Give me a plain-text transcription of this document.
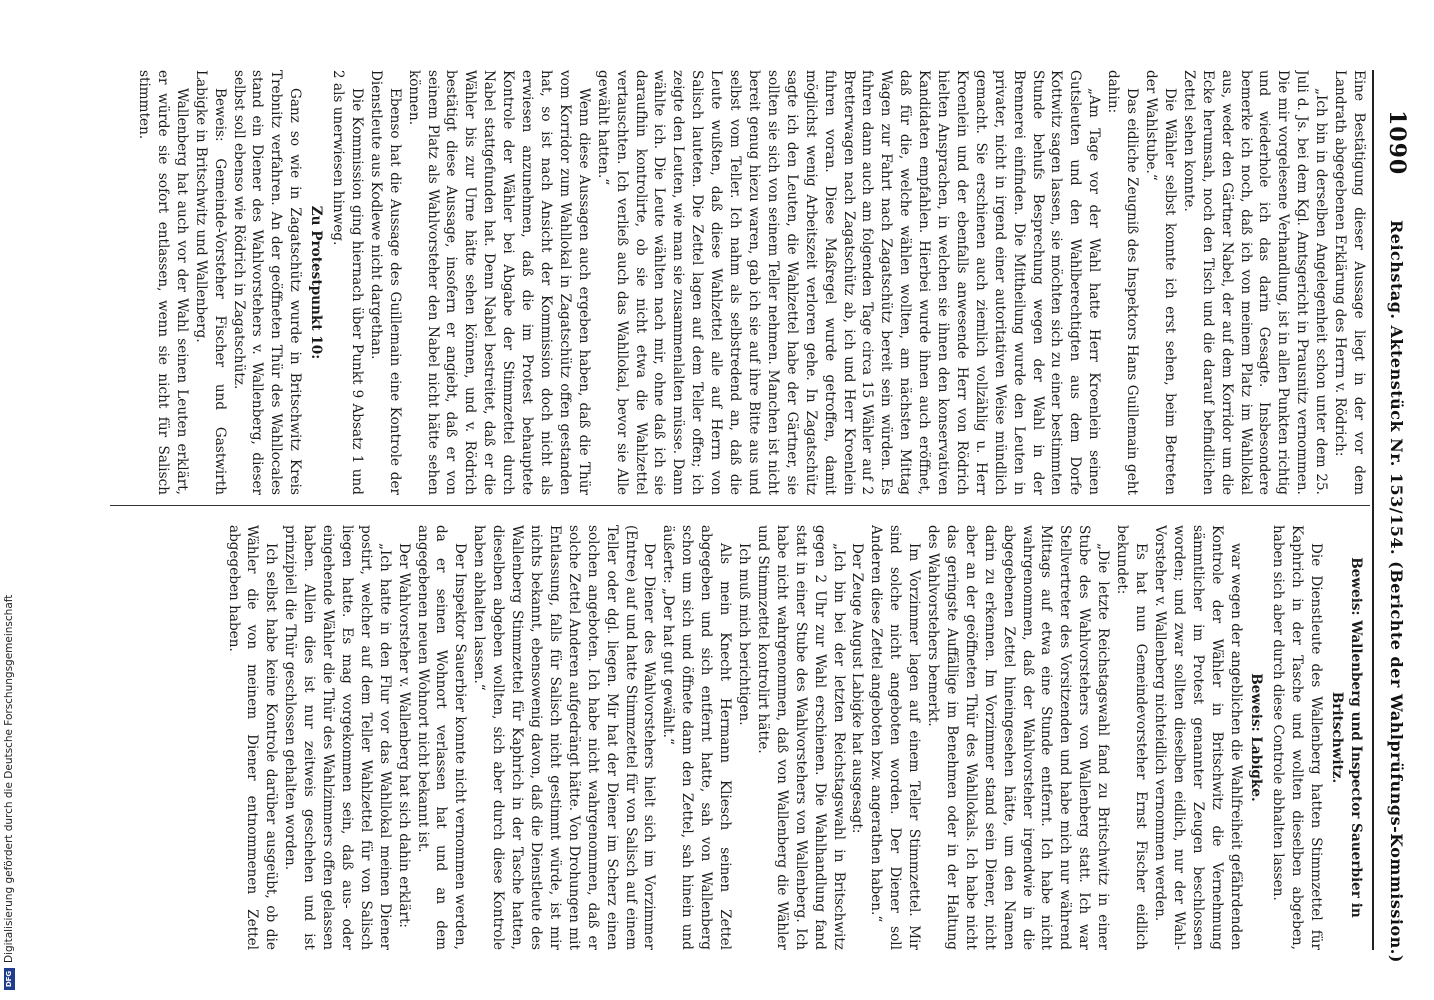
DFG
Digitalisierung gefördert durch die Deutsche Forschungsgemeinschaft
1090
Reichstag. Aktenstück Nr. 153/154. (Berichte der Wahlprüfungs-Kommission.)

Eine Bestätigung dieser Aussage liegt in der vor dem Landrath abgegebenen Erklärung des Herrn v. Rödrich:

„Ich bin in derselben Angelegenheit schon unter dem 25. Juli d. Js. bei dem Kgl. Amtsgericht in Prausnitz vernommen. Die mir vorgelesene Verhandlung, ist in allen Punkten richtig und wiederhole ich das darin Gesagte. Insbesondere bemerke ich noch, daß ich von meinem Platz im Wahllokal aus, weder den Gärtner Nabel, der auf dem Korridor um die Ecke herumsah, noch den Tisch und die darauf befindlichen Zettel sehen konnte.

Die Wähler selbst konnte ich erst sehen, beim Betreten der Wahlstube.“

Das eidliche Zeugniß des Inspektors Hans Guillemain geht dahin:

„Am Tage vor der Wahl hatte Herr Kroenlein seinen Gutsleuten und den Wahlberechtigten aus dem Dorfe Kottwitz sagen lassen, sie möchten sich zu einer bestimmten Stunde behufs Besprechung wegen der Wahl in der Brennerei einfinden. Die Mittheilung wurde den Leuten in privater, nicht in irgend einer autoritativen Weise mündlich gemacht. Sie erschienen auch ziemlich vollzählig u. Herr Kroenlein und der ebenfalls anwesende Herr von Rödrich hielten Ansprachen, in welchen sie ihnen den konservativen Kandidaten empfahlen. Hierbei wurde ihnen auch eröffnet, daß für die, welche wählen wollten, am nächsten Mittag Wagen zur Fahrt nach Zagatschütz bereit sein würden. Es fuhren dann auch am folgenden Tage circa 15 Wähler auf 2 Bretterwagen nach Zagatschütz ab, ich und Herr Kroenlein fuhren voran. Diese Maßregel wurde getroffen, damit möglichst wenig Arbeitszeit verloren gehe. In Zagatschütz sagte ich den Leuten, die Wahlzettel habe der Gärtner, sie sollten sie sich von seinem Teller nehmen. Manchen ist nicht bereit genug hiezu waren, gab ich sie auf ihre Bitte aus und selbst vom Teller. Ich nahm als selbstredend an, daß die Leute wußten, daß diese Wahlzettel alle auf Herrn von Salisch lauteten. Die Zettel lagen auf dem Teller offen; ich zeigte den Leuten, wie man sie zusammenlalten müsse. Dann wählte ich. Die Leute wählten nach mir, ohne daß ich sie daraufhin kontrolirte, ob sie nicht etwa die Wahlzettel vertauschten. Ich verließ auch das Wahllokal, bevor sie Alle gewählt hatten.“

Wenn diese Aussagen auch ergeben haben, daß die Thür vom Korridor zum Wahllokal in Zagatschütz offen gestanden hat, so ist nach Ansicht der Kommission doch nicht als erwiesen anzunehmen, daß die im Protest behauptete Kontrole der Wähler bei Abgabe der Stimmzettel durch Nabel stattgefunden hat. Denn Nabel bestreitet, daß er die Wähler bis zur Urne hätte sehen können, und v. Rödrich bestätigt diese Aussage, insofern er angiebt, daß er von seinem Platz als Wahlvorsteher den Nabel nicht hätte sehen können.

Ebenso hat die Aussage des Guillemain eine Kontrole der Dienstleute aus Kodlewe nicht dargethan.

Die Kommission ging hiernach über Punkt 9 Absatz 1 und 2 als unerwiesen hinweg.

Zu Protestpunkt 10:

Ganz so wie in Zagatschütz wurde in Britschwitz Kreis Trebnitz verfahren. An der geöffneten Thür des Wahllocales stand ein Diener des Wahlvorstehers v. Wallenberg, dieser selbst soll ebenso wie Rödrich in Zagatschütz.

Beweis: Gemeinde-Vorsteher Fischer und Gastwirth Labigke in Britschwitz und Wallenberg.

Wallenberg hat auch vor der Wahl seinen Leuten erklärt, er würde sie sofort entlassen, wenn sie nicht für Salisch stimmten.

Beweis: Wallenberg und Inspector Sauerbier in Britschwitz.

Die Dienstleute des Wallenberg hatten Stimmzettel für Kaphrich in der Tasche und wollten dieselben abgeben, haben sich aber durch diese Controle abhalten lassen.

Beweis: Labigke.

war wegen der angeblichen die Wahlfreiheit gefährdenden Kontrole der Wähler in Britschwitz die Vernehmung sämmtlicher im Protest genannter Zeugen beschlossen worden; und zwar sollten dieselben eidlich, nur der Wahl-Vorsteher v. Wallenberg nichteidlich vernommen werden.

Es hat nun Gemeindevorsteher Ernst Fischer eidlich bekundet:

„Die letzte Reichstagswahl fand zu Britschwitz in einer Stube des Wahlvorstehers von Wallenberg statt. Ich war Stellvertreter des Vorsitzenden und habe mich nur während Mittags auf etwa eine Stunde entfernt. Ich habe nicht wahrgenommen, daß der Wahlvorsteher irgendwie in die abgegebenen Zettel hineingesehen hätte, um den Namen darin zu erkennen. Im Vorzimmer stand sein Diener, nicht aber an der geöffneten Thür des Wahllokals. Ich habe nicht das geringste Auffällige im Benehmen oder in der Haltung des Wahlvorstehers bemerkt.

Im Vorzimmer lagen auf einem Teller Stimmzettel. Mir sind solche nicht angeboten worden. Der Diener soll Anderen diese Zettel angeboten bzw. angerathen haben.“

Der Zeuge August Labigke hat ausgesagt:

„Ich bin bei der letzten Reichstagswahl in Britschwitz gegen 2 Uhr zur Wahl erschienen. Die Wahlhandlung fand statt in einer Stube des Wahlvorstehers von Wallenberg. Ich habe nicht wahrgenommen, daß von Wallenberg die Wähler und Stimmzettel kontrolirt hätte.

Ich muß mich berichtigen.

Als mein Knecht Hermann Kliesch seinen Zettel abgegeben und sich entfernt hatte, sah von Wallenberg schon um sich und öffnete dann den Zettel, sah hinein und äußerte: „Der hat gut gewählt.“

Der Diener des Wahlvorstehers hielt sich im Vorzimmer (Entree) auf und hatte Stimmzettel für von Salisch auf einem Teller oder dgl. liegen. Mir hat der Diener im Scherz einen solchen angeboten. Ich habe nicht wahrgenommen, daß er solche Zettel Anderen aufgedrängt hätte. Von Drohungen mit Entlassung, falls für Salisch nicht gestimmt würde, ist mir nichts bekannt, ebensowenig davon, daß die Dienstleute des Wallenberg Stimmzettel für Kaphrich in der Tasche hatten, dieselben abgeben wollten, sich aber durch diese Kontrole haben abhalten lassen.“

Der Inspektor Sauerbier konnte nicht vernommen werden, da er seinen Wohnort verlassen hat und an dem angegebenen neuen Wohnort nicht bekannt ist.

Der Wahlvorsteher v. Wallenberg hat sich dahin erklärt:

„Ich hatte in den Flur vor das Wahllokal meinen Diener postirt, welcher auf dem Teller Wahlzettel für von Salisch liegen hatte. Es mag vorgekommen sein, daß aus- oder eingehende Wähler die Thür des Wahlzimmers offen gelassen haben. Allein dies ist nur zeitweis geschehen und ist prinzipiell die Thür geschlossen gehalten worden.

Ich selbst habe keine Kontrole darüber ausgeübt, ob die Wähler die von meinem Diener entnommenen Zettel abgegeben haben.
